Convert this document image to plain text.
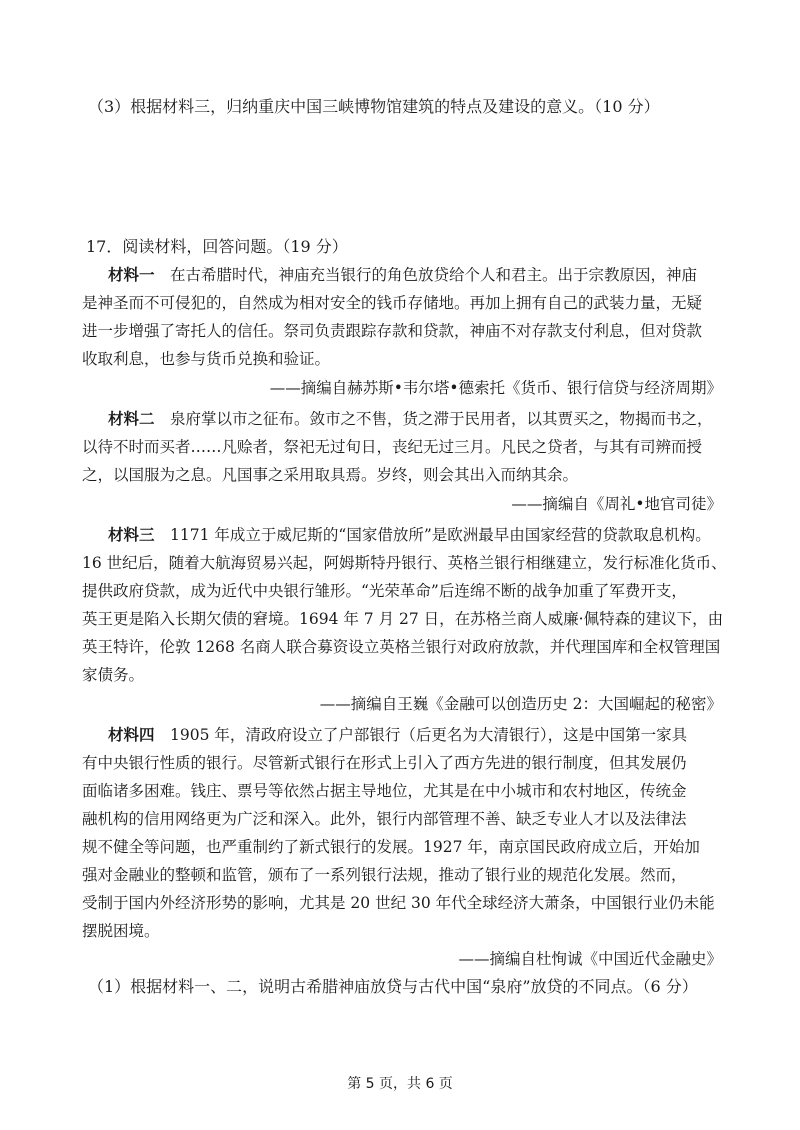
（3）根据材料三，归纳重庆中国三峡博物馆建筑的特点及建设的意义。（10 分）
17．阅读材料，回答问题。（19 分）
材料一　 在古希腊时代，神庙充当银行的角色放贷给个人和君主。出于宗教原因，神庙
是神圣而不可侵犯的，自然成为相对安全的钱币存储地。再加上拥有自己的武装力量，无疑
进一步增强了寄托人的信任。祭司负责跟踪存款和贷款，神庙不对存款支付利息，但对贷款
收取利息，也参与货币兑换和验证。
——摘编自赫苏斯•韦尔塔•德索托《货币、银行信贷与经济周期》
材料二　 泉府掌以市之征布。敛市之不售，货之滞于民用者，以其贾买之，物揭而书之，
以待不时而买者……凡赊者，祭祀无过旬日，丧纪无过三月。凡民之贷者，与其有司辨而授
之，以国服为之息。凡国事之采用取具焉。岁终，则会其出入而纳其余。
——摘编自《周礼•地官司徒》
材料三　 1171 年成立于威尼斯的“国家借放所”是欧洲最早由国家经营的贷款取息机构。
16 世纪后，随着大航海贸易兴起，阿姆斯特丹银行、英格兰银行相继建立，发行标准化货币、
提供政府贷款，成为近代中央银行雏形。“光荣革命”后连绵不断的战争加重了军费开支，
英王更是陷入长期欠债的窘境。1694 年 7 月 27 日，在苏格兰商人威廉·佩特森的建议下，由
英王特许，伦敦 1268 名商人联合募资设立英格兰银行对政府放款，并代理国库和全权管理国
家债务。
——摘编自王巍《金融可以创造历史 2：大国崛起的秘密》
材料四　 1905 年，清政府设立了户部银行（后更名为大清银行），这是中国第一家具
有中央银行性质的银行。尽管新式银行在形式上引入了西方先进的银行制度，但其发展仍
面临诸多困难。钱庄、票号等依然占据主导地位，尤其是在中小城市和农村地区，传统金
融机构的信用网络更为广泛和深入。此外，银行内部管理不善、缺乏专业人才以及法律法
规不健全等问题，也严重制约了新式银行的发展。1927 年，南京国民政府成立后，开始加
强对金融业的整顿和监管，颁布了一系列银行法规，推动了银行业的规范化发展。然而，
受制于国内外经济形势的影响，尤其是 20 世纪 30 年代全球经济大萧条，中国银行业仍未能
摆脱困境。
——摘编自杜恂诚《中国近代金融史》
（1）根据材料一、二，说明古希腊神庙放贷与古代中国“泉府”放贷的不同点。（6 分）
第 5 页，共 6 页
